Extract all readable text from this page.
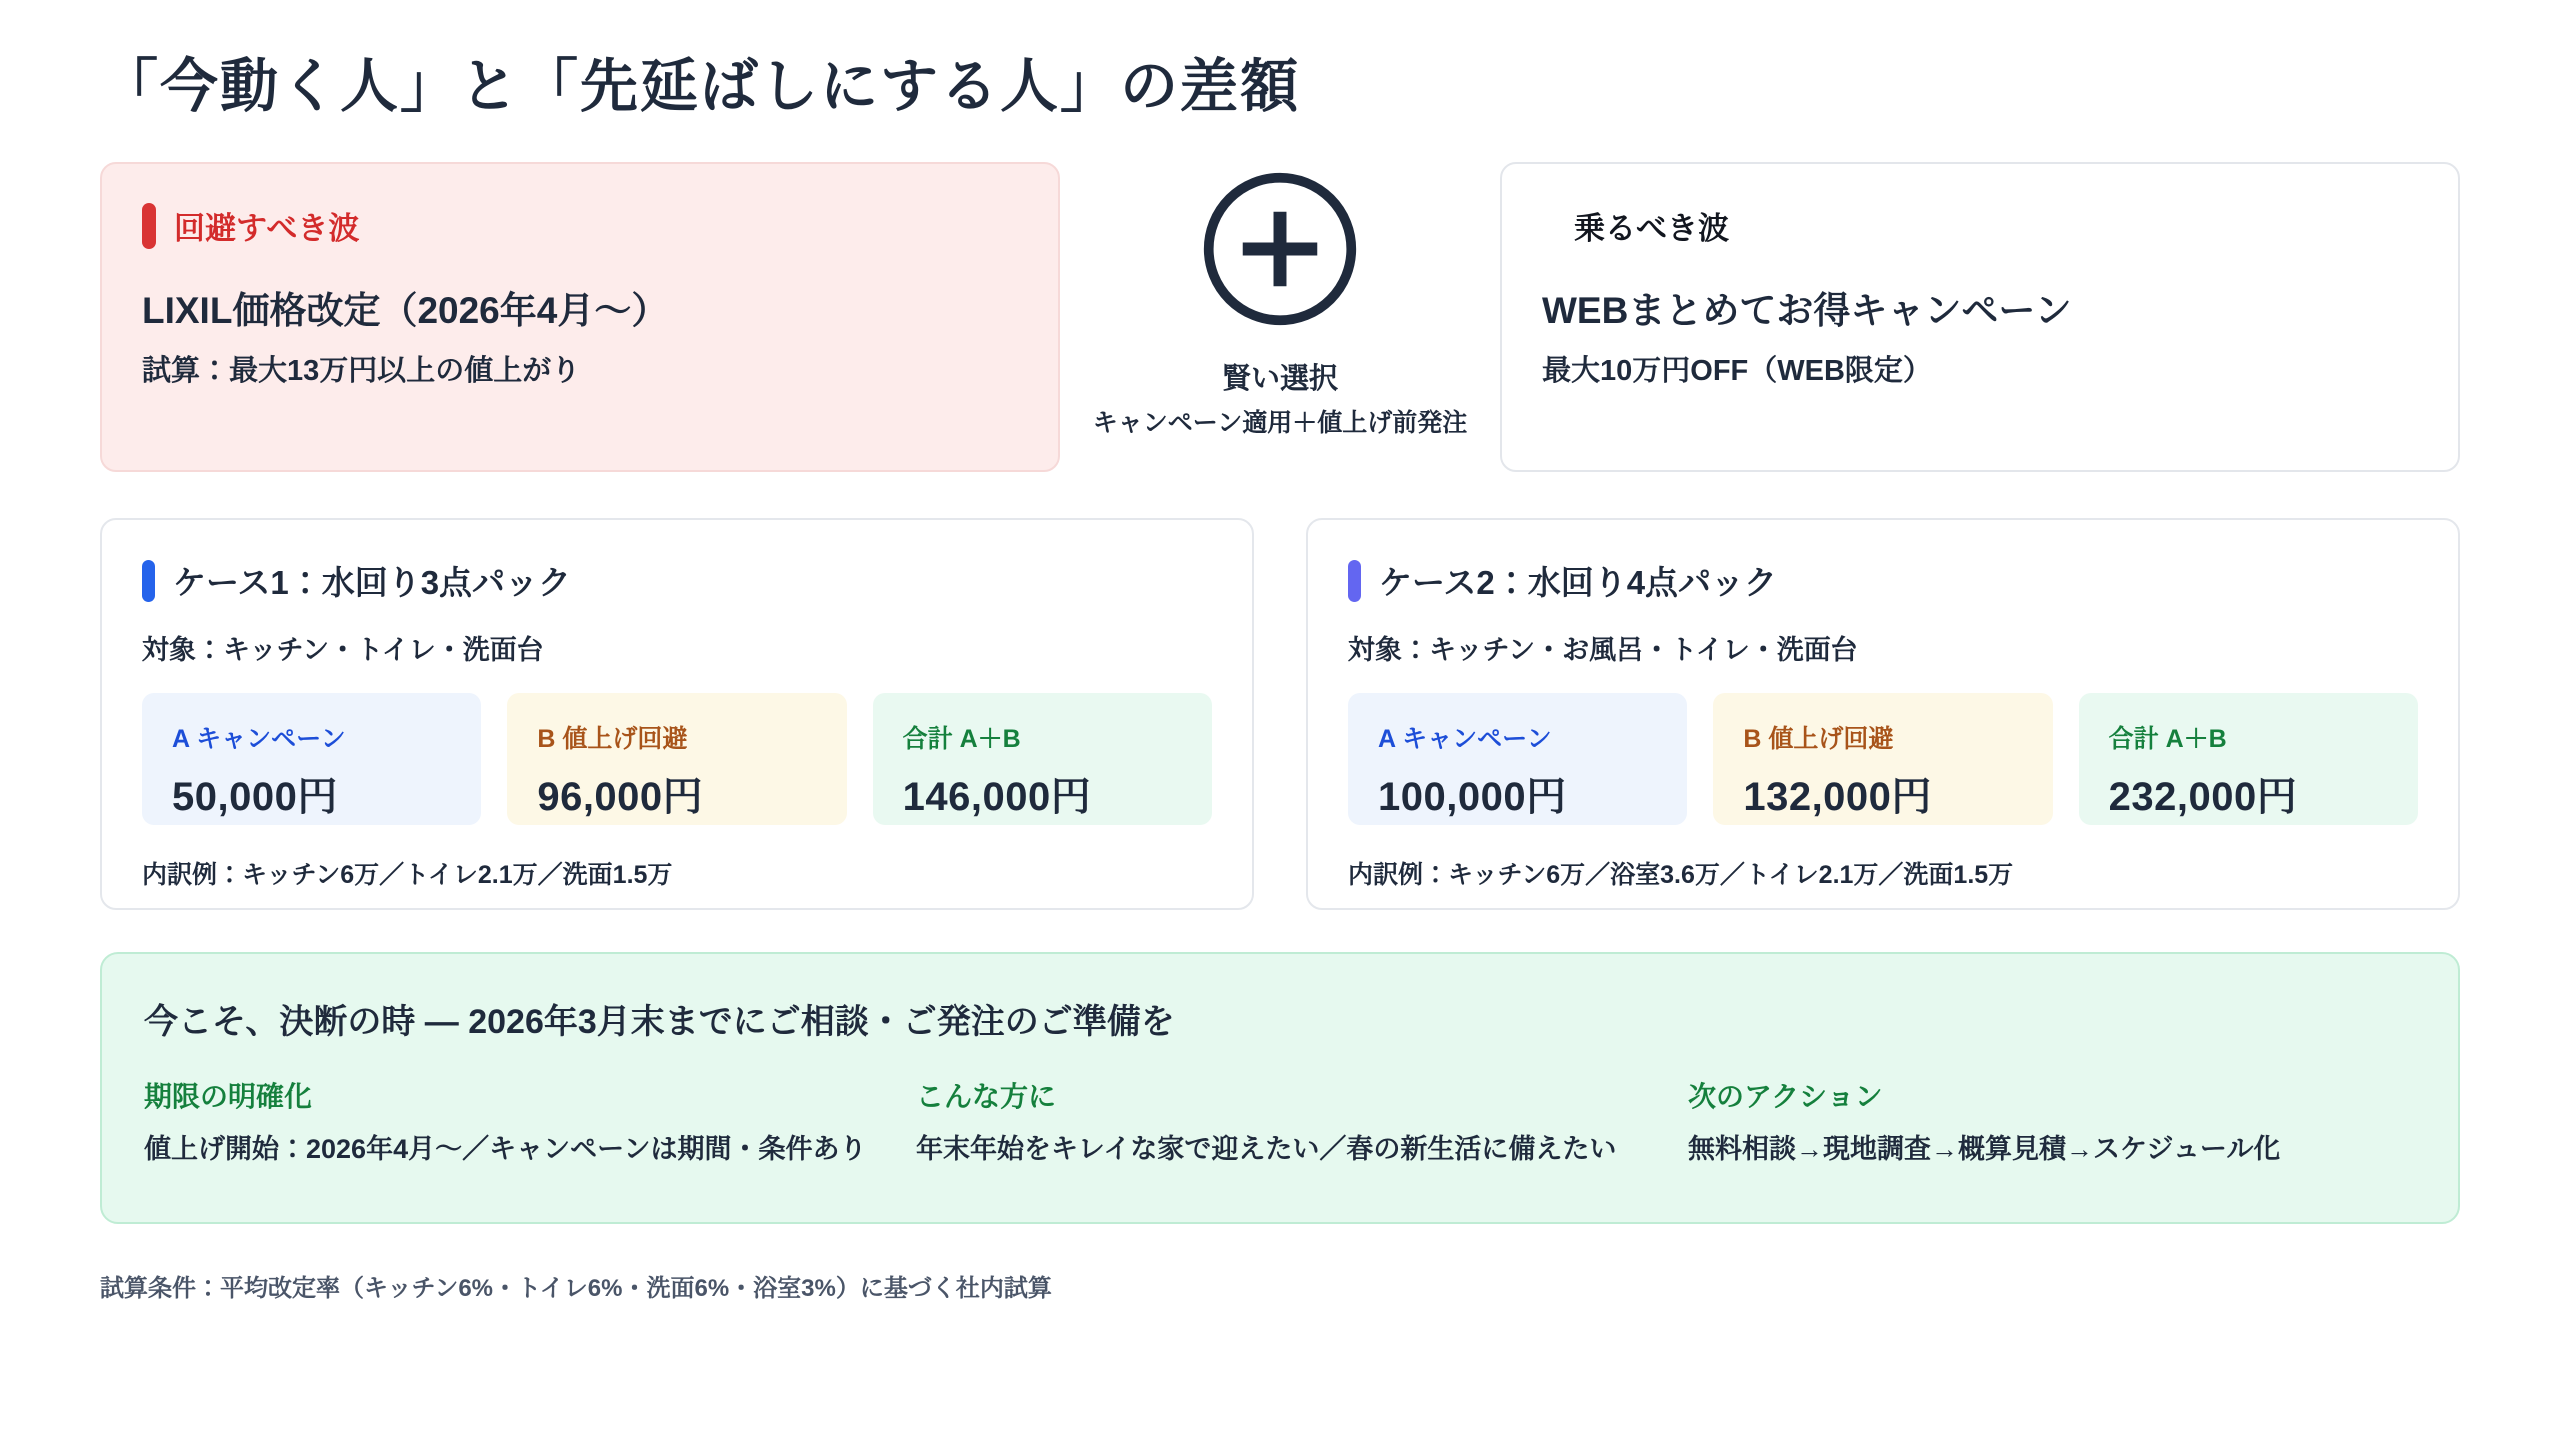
「今動く人」と「先延ばしにする人」の差額
回避すべき波
LIXIL価格改定（2026年4月～）
試算：最大13万円以上の値上がり	賢い選択
キャンペーン適用＋値上げ前発注
乗るべき波
WEBまとめてお得キャンペーン
最大10万円OFF（WEB限定）
ケース1：水回り3点パック
対象：キッチン・トイレ・洗面台
A キャンペーン
50,000円
B 値上げ回避
96,000円
合計 A＋B
146,000円
内訳例：キッチン6万／トイレ2.1万／洗面1.5万
ケース2：水回り4点パック
対象：キッチン・お風呂・トイレ・洗面台
A キャンペーン
100,000円
B 値上げ回避
132,000円
合計 A＋B
232,000円
内訳例：キッチン6万／浴室3.6万／トイレ2.1万／洗面1.5万
今こそ、決断の時 ― 2026年3月末までにご相談・ご発注のご準備を
期限の明確化
値上げ開始：2026年4月～／キャンペーンは期間・条件あり
こんな方に
年末年始をキレイな家で迎えたい／春の新生活に備えたい
次のアクション
無料相談→現地調査→概算見積→スケジュール化
試算条件：平均改定率（キッチン6%・トイレ6%・洗面6%・浴室3%）に基づく社内試算
